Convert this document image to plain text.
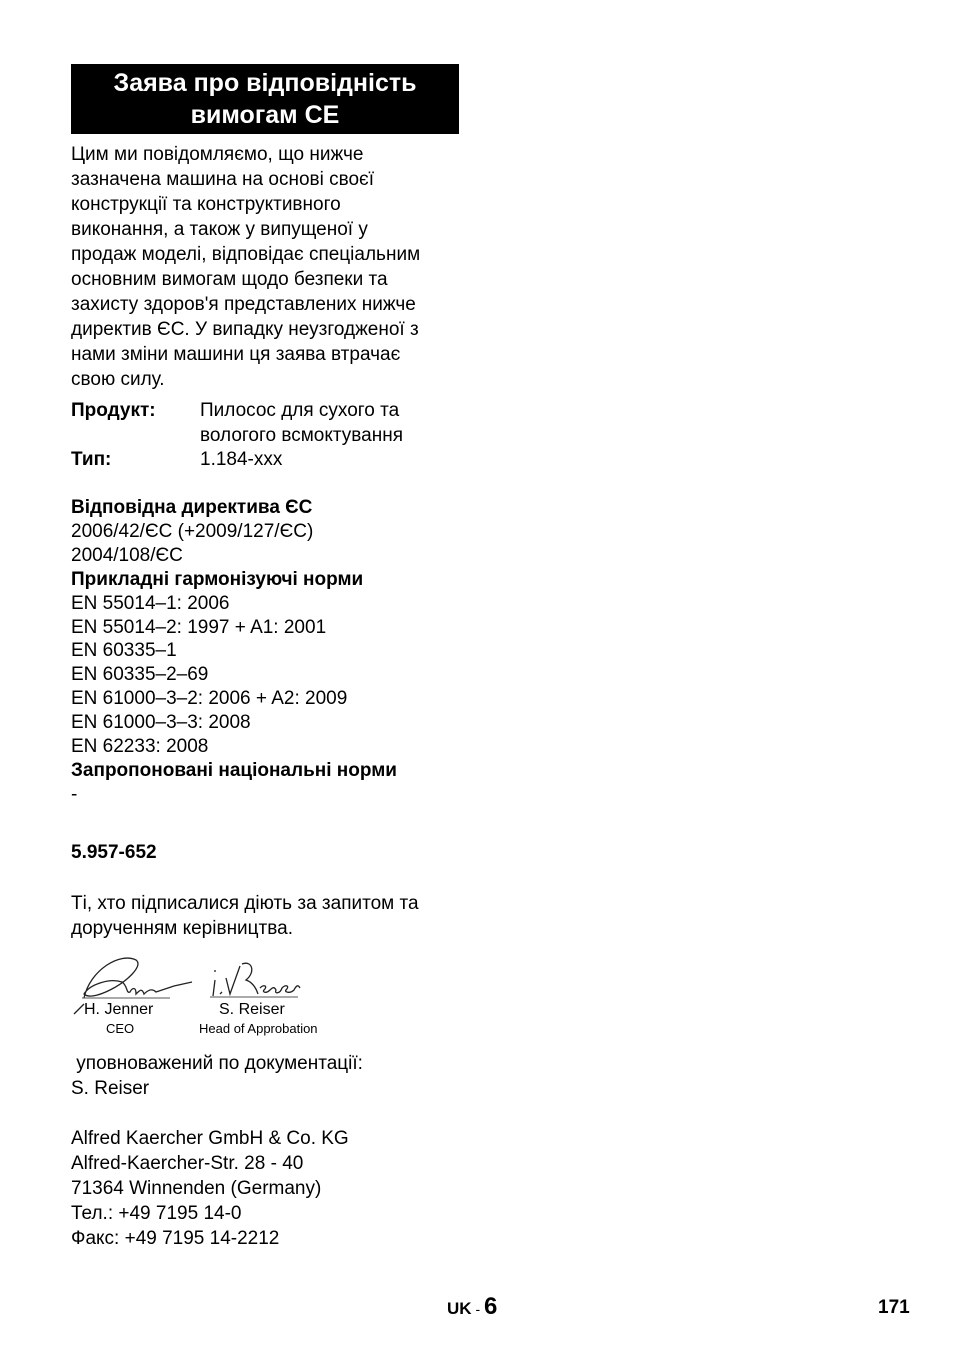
Заява про відповідність
вимогам СЕ

Цим ми повідомляємо, що нижче
зазначена машина на основі своєї
конструкції та конструктивного
виконання, а також у випущеної у
продаж моделі, відповідає спеціальним
основним вимогам щодо безпеки та
захисту здоров'я представлених нижче
директив ЄС. У випадку неузгодженої з
нами зміни машини ця заява втрачає
свою силу.

Продукт: Пилосос для сухого та
вологого всмоктування
Тип:	1.184-xxx
Відповідна директива ЄС
2006/42/ЄС (+2009/127/ЄС)
2004/108/ЄС
Прикладні гармонізуючі норми
EN 55014–1: 2006
EN 55014–2: 1997 + A1: 2001
EN 60335–1
EN 60335–2–69
EN 61000–3–2: 2006 + A2: 2009
EN 61000–3–3: 2008
EN 62233: 2008
Запропоновані національні норми
-
5.957-652
Ті, хто підписалися діють за запитом та
дорученням керівництва.
H. Jenner
CEO
S. Reiser
Head of Approbation
уповноважений по документації:
S. Reiser
Alfred Kaercher GmbH & Co. KG
Alfred-Kaercher-Str. 28 - 40
71364 Winnenden (Germany)
Тел.: +49 7195 14-0
Факс: +49 7195 14-2212
UK - 6	171
